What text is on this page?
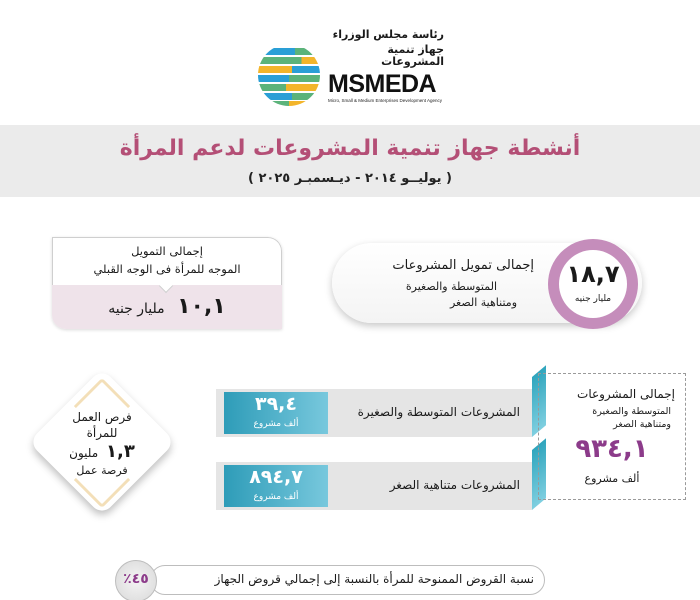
رئاسة مجلس الوزراء
جهاز تنمية
المشروعات
MSMEDA
Micro, Small & Medium Enterprises Development Agency
أنشطة جهاز تنمية المشروعات لدعم المرأة
( يوليــو ٢٠١٤ - ديـسمبـر ٢٠٢٥ )
إجمالى التمويل
الموجه للمرأة فى الوجه القبلي
١٠,١ مليار جنيه
إجمالى تمويل المشروعات
المتوسطة والصغيرة
ومتناهية الصغر
١٨,٧
مليار جنيه
٣٩,٤
ألف مشروع
المشروعات المتوسطة والصغيرة
٨٩٤,٧
ألف مشروع
المشروعات متناهية الصغر
إجمالى المشروعات
المتوسطة والصغيرة
ومتناهية الصغر
٩٣٤,١
ألف مشروع
فرص العمل
للمرأة
١,٣ مليون
فرصة عمل
نسبة القروض الممنوحة للمرأة بالنسبة إلى إجمالي قروض الجهاز
٪٤٥
